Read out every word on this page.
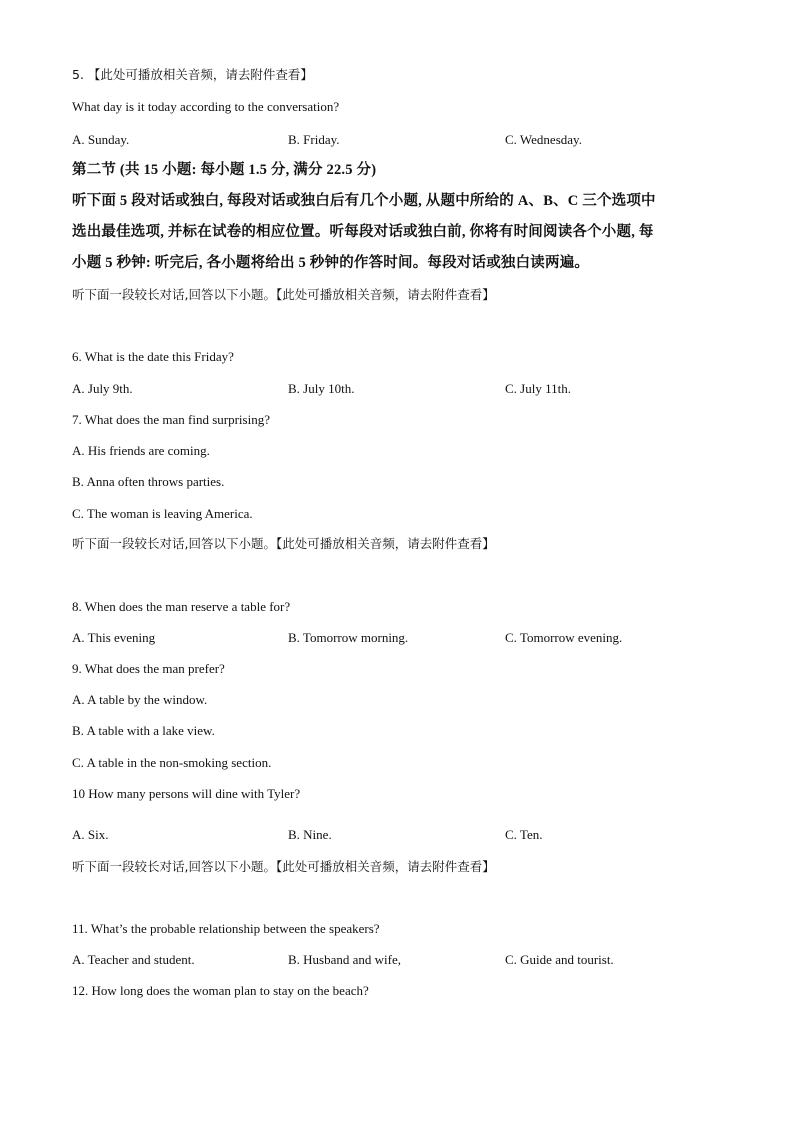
5. 【此处可播放相关音频，请去附件查看】
What day is it today according to the conversation?
A. Sunday.	B. Friday.	C. Wednesday.
第二节 (共 15 小题: 每小题 1.5 分, 满分 22.5 分)
听下面 5 段对话或独白, 每段对话或独白后有几个小题, 从题中所给的 A、B、C 三个选项中
选出最佳选项, 并标在试卷的相应位置。听每段对话或独白前, 你将有时间阅读各个小题, 每
小题 5 秒钟: 听完后, 各小题将给出 5 秒钟的作答时间。每段对话或独白读两遍。
听下面一段较长对话,回答以下小题。【此处可播放相关音频，请去附件查看】
6. What is the date this Friday?
A. July 9th.	B. July 10th.	C. July 11th.
7. What does the man find surprising?
A. His friends are coming.
B. Anna often throws parties.
C. The woman is leaving America.
听下面一段较长对话,回答以下小题。【此处可播放相关音频，请去附件查看】
8. When does the man reserve a table for?
A. This evening	B. Tomorrow morning.	C. Tomorrow evening.
9. What does the man prefer?
A. A table by the window.
B. A table with a lake view.
C. A table in the non-smoking section.
10 How many persons will dine with Tyler?
A. Six.	B. Nine.	C. Ten.
听下面一段较长对话,回答以下小题。【此处可播放相关音频，请去附件查看】
11. What’s the probable relationship between the speakers?
A. Teacher and student.	B. Husband and wife,	C. Guide and tourist.
12. How long does the woman plan to stay on the beach?
